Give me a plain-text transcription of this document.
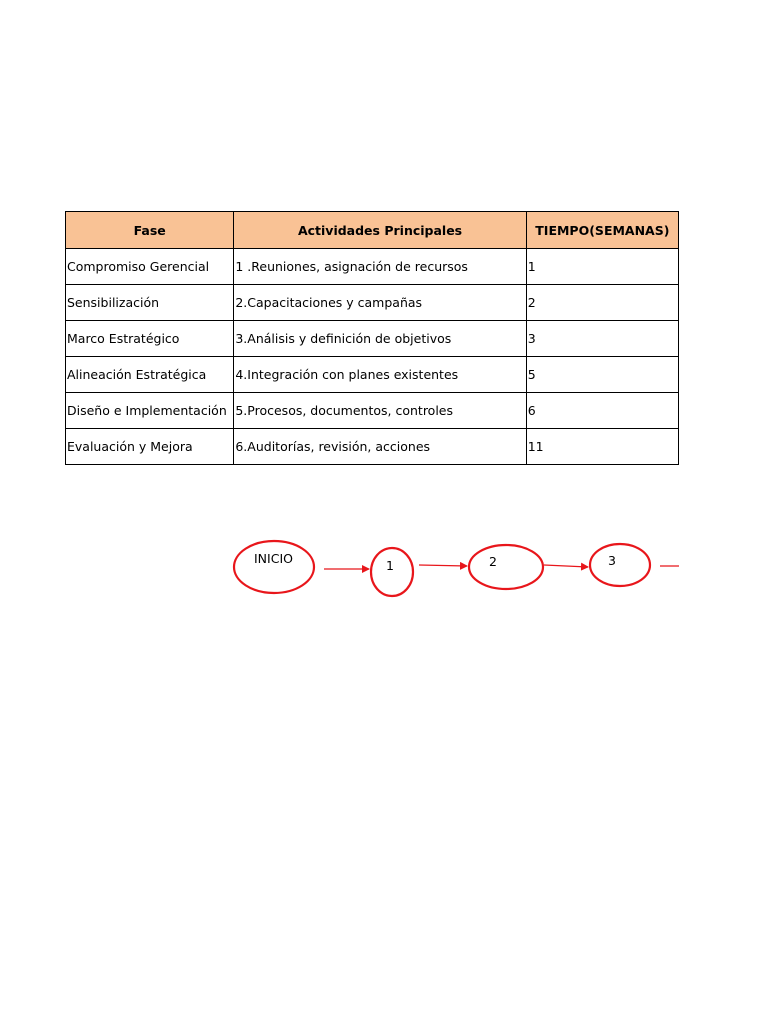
Fase	Actividades Principales	TIEMPO(SEMANAS)
Compromiso Gerencial	1 .Reuniones, asignación de recursos	1
Sensibilización	2.Capacitaciones y campañas	2
Marco Estratégico	3.Análisis y definición de objetivos	3
Alineación Estratégica	4.Integración con planes existentes	5
Diseño e Implementación	5.Procesos, documentos, controles	6
Evaluación y Mejora	6.Auditorías, revisión, acciones	11
INICIO	1	2	3
